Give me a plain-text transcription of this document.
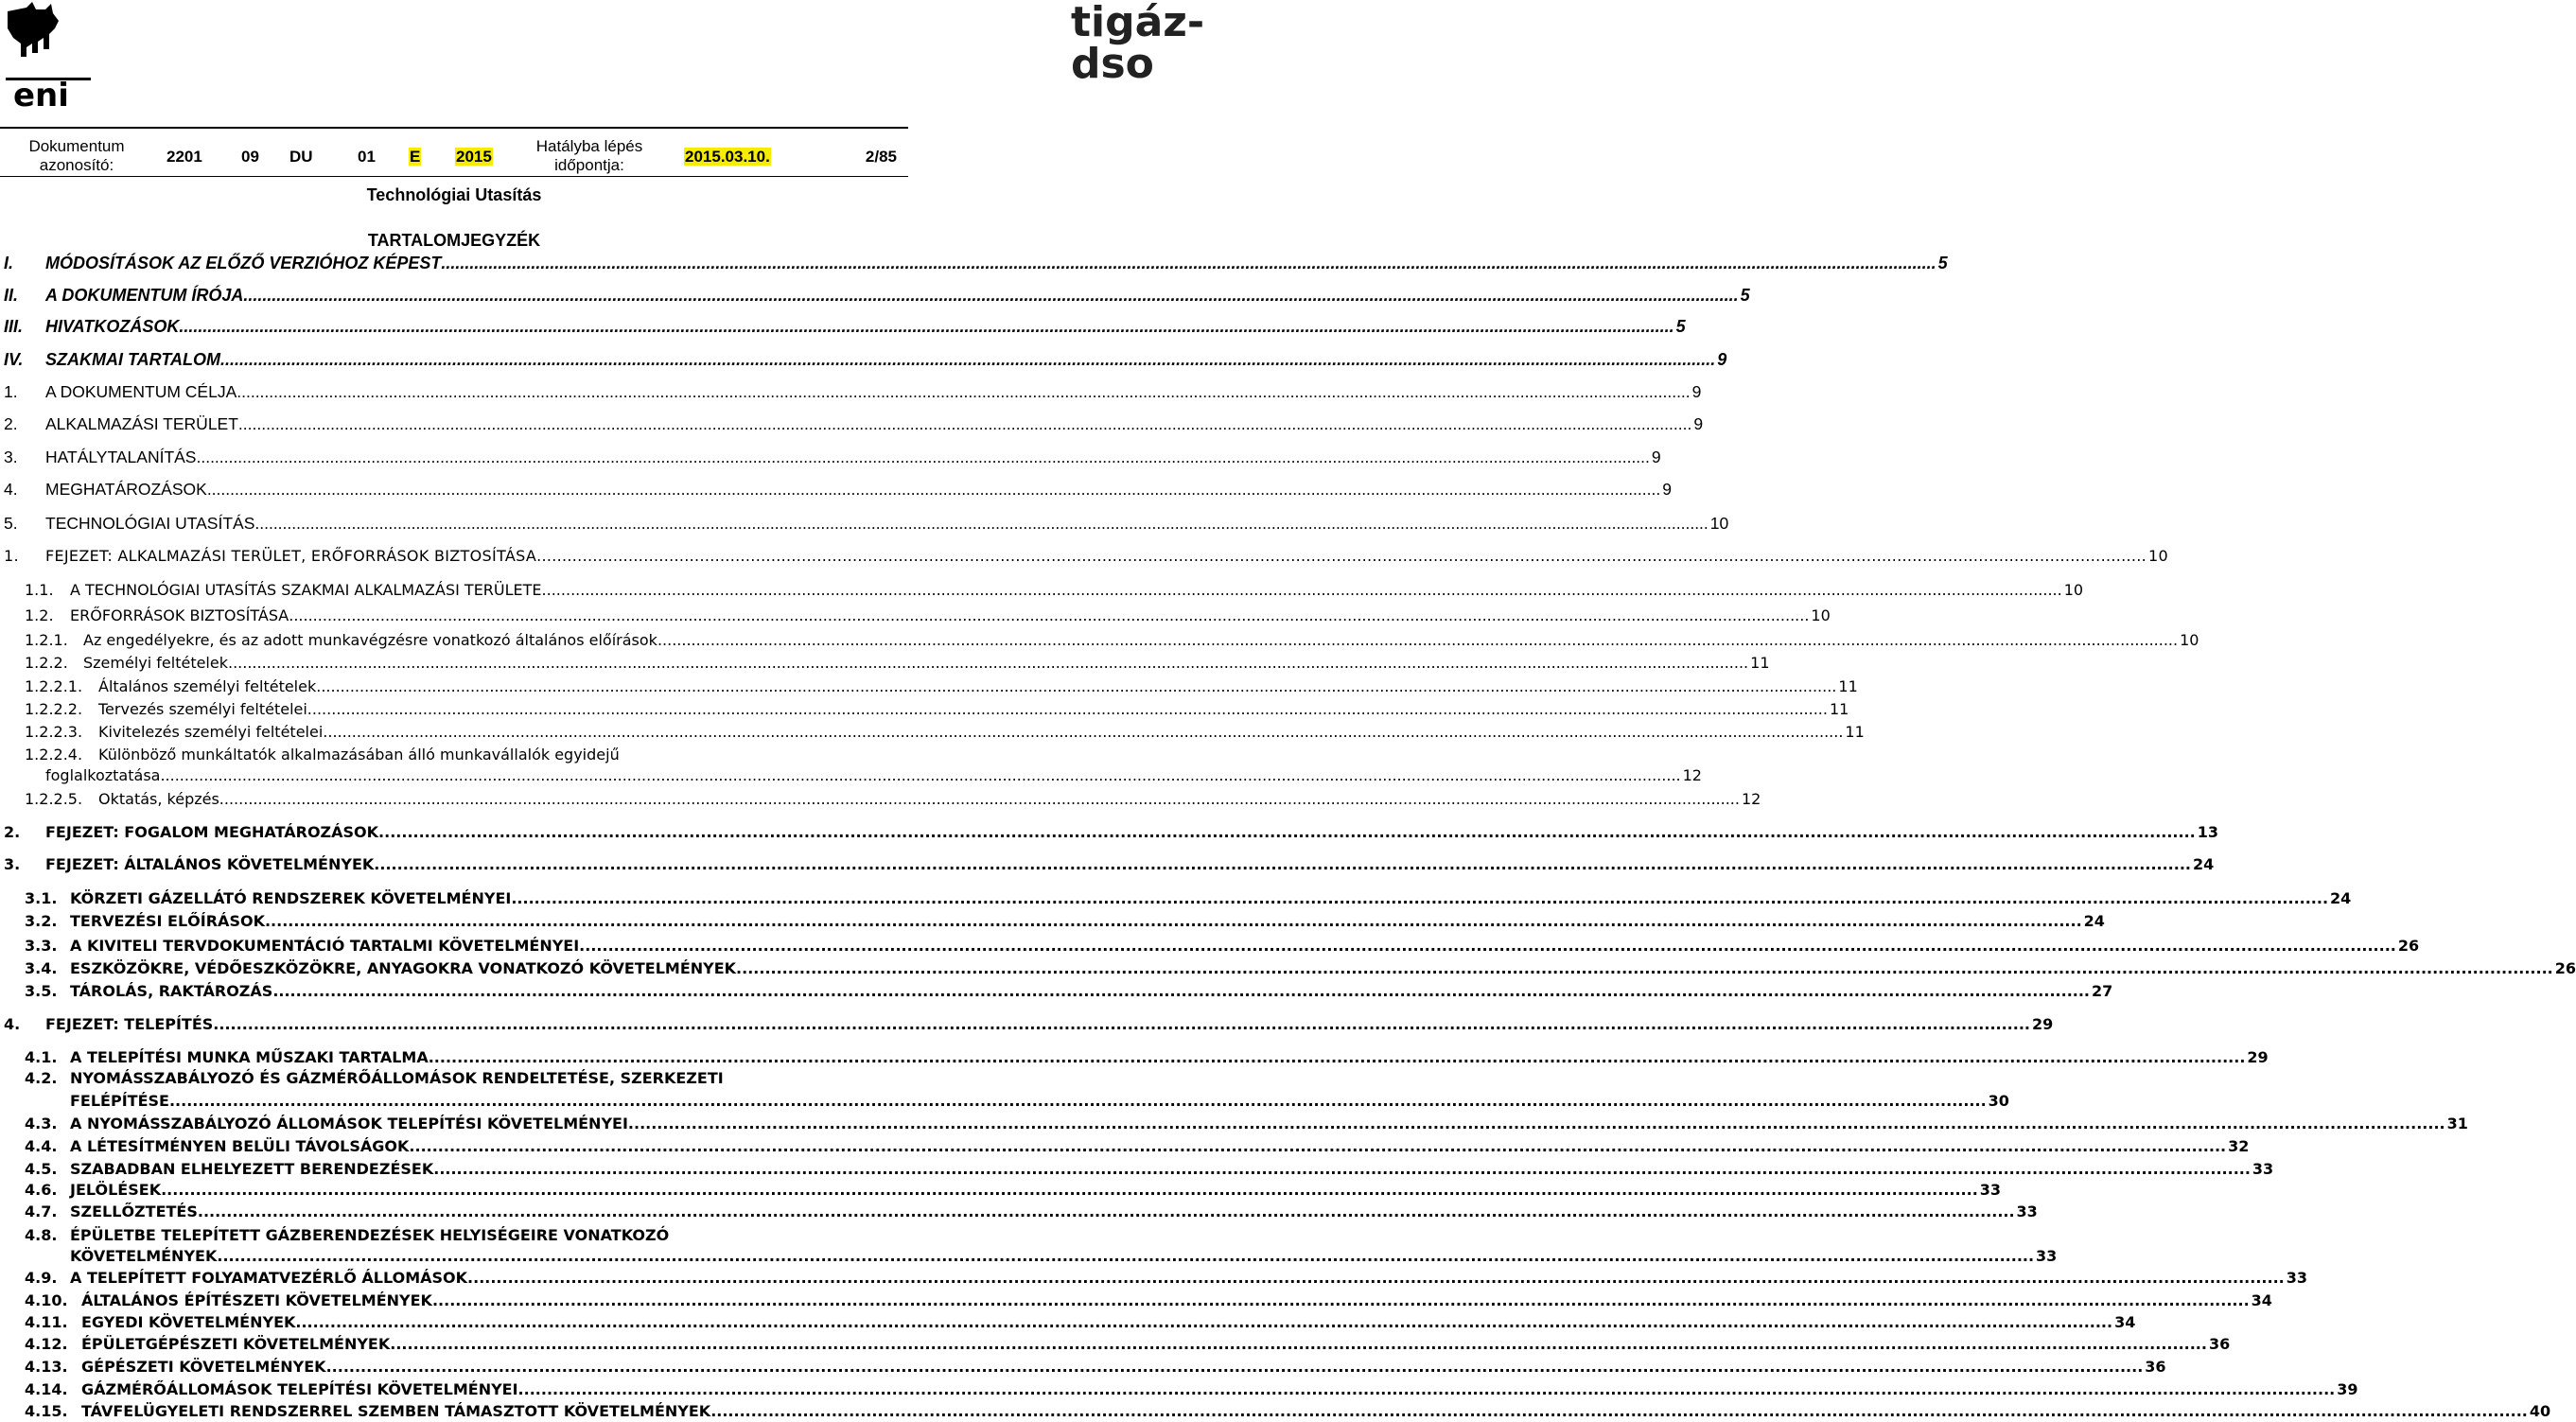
eni
tigáz-dso
Dokumentum
azonosító:	2201 09 DU	01 E 2015
Hatályba lépés
időpontja:	2015.03.10.	2/85
Technológiai Utasítás
TARTALOMJEGYZÉK
I. MÓDOSÍTÁSOK AZ ELŐZŐ VERZIÓHOZ KÉPEST .....	5
II. A DOKUMENTUM ÍRÓJA .....	5
III. HIVATKOZÁSOK .....	5
IV. SZAKMAI TARTALOM .....	9
1. A DOKUMENTUM CÉLJA .....	9
2. ALKALMAZÁSI TERÜLET .....	9
3. HATÁLYTALANÍTÁS .....	9
4. MEGHATÁROZÁSOK .....	9
5. TECHNOLÓGIAI UTASÍTÁS .....	10
1. FEJEZET: ALKALMAZÁSI TERÜLET, ERŐFORRÁSOK BIZTOSÍTÁSA .....	10
1.1. A TECHNOLÓGIAI UTASÍTÁS SZAKMAI ALKALMAZÁSI TERÜLETE .....	10
1.2. ERŐFORRÁSOK BIZTOSÍTÁSA .....	10
1.2.1. Az engedélyekre, és az adott munkavégzésre vonatkozó általános előírások .....	10
1.2.2. Személyi feltételek .....	11
1.2.2.1. Általános személyi feltételek .....	11
1.2.2.2. Tervezés személyi feltételei .....	11
1.2.2.3. Kivitelezés személyi feltételei .....	11
1.2.2.4. Különböző munkáltatók alkalmazásában álló munkavállalók egyidejű
foglalkoztatása .....	12
1.2.2.5. Oktatás, képzés .....	12
2. FEJEZET: FOGALOM MEGHATÁROZÁSOK .....	13
3. FEJEZET: ÁLTALÁNOS KÖVETELMÉNYEK .....	24
3.1. KÖRZETI GÁZELLÁTÓ RENDSZEREK KÖVETELMÉNYEI .....	24
3.2. TERVEZÉSI ELŐÍRÁSOK .....	24
3.3. A KIVITELI TERVDOKUMENTÁCIÓ TARTALMI KÖVETELMÉNYEI .....	26
3.4. ESZKÖZÖKRE, VÉDŐESZKÖZÖKRE, ANYAGOKRA VONATKOZÓ KÖVETELMÉNYEK .....	26
3.5. TÁROLÁS, RAKTÁROZÁS .....	27
4. FEJEZET: TELEPÍTÉS .....	29
4.1. A TELEPÍTÉSI MUNKA MŰSZAKI TARTALMA .....	29
4.2. NYOMÁSSZABÁLYOZÓ ÉS GÁZMÉRŐÁLLOMÁSOK RENDELTETÉSE, SZERKEZETI
FELÉPÍTÉSE .....	30
4.3. A NYOMÁSSZABÁLYOZÓ ÁLLOMÁSOK TELEPÍTÉSI KÖVETELMÉNYEI .....	31
4.4. A LÉTESÍTMÉNYEN BELÜLI TÁVOLSÁGOK .....	32
4.5. SZABADBAN ELHELYEZETT BERENDEZÉSEK .....	33
4.6. JELÖLÉSEK .....	33
4.7. SZELLŐZTETÉS .....	33
4.8. ÉPÜLETBE TELEPÍTETT GÁZBERENDEZÉSEK HELYISÉGEIRE VONATKOZÓ
KÖVETELMÉNYEK .....	33
4.9. A TELEPÍTETT FOLYAMATVEZÉRLŐ ÁLLOMÁSOK .....	33
4.10. ÁLTALÁNOS ÉPÍTÉSZETI KÖVETELMÉNYEK .....	34
4.11. EGYEDI KÖVETELMÉNYEK .....	34
4.12. ÉPÜLETGÉPÉSZETI KÖVETELMÉNYEK .....	36
4.13. GÉPÉSZETI KÖVETELMÉNYEK .....	36
4.14. GÁZMÉRŐÁLLOMÁSOK TELEPÍTÉSI KÖVETELMÉNYEI .....	39
4.15. TÁVFELÜGYELETI RENDSZERREL SZEMBEN TÁMASZTOTT KÖVETELMÉNYEK .....	40
